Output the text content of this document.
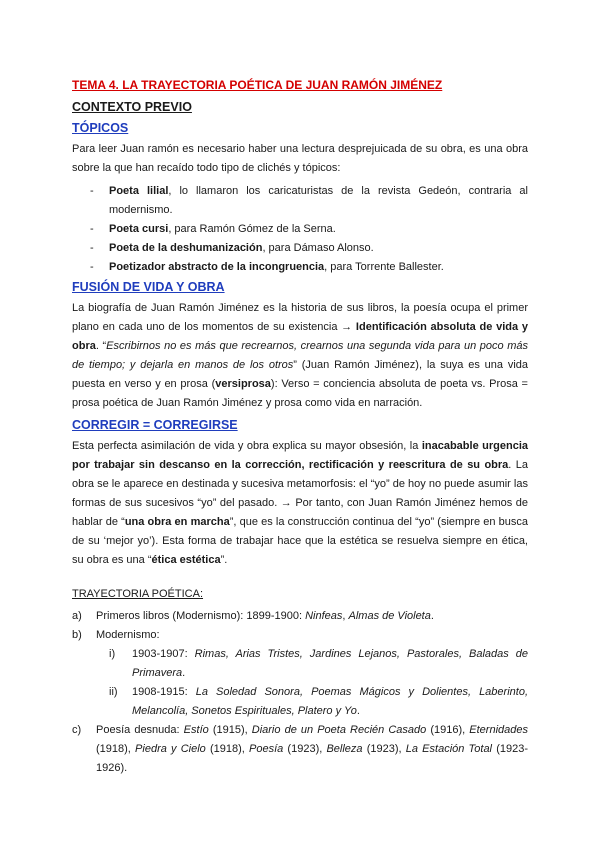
TEMA 4. LA TRAYECTORIA POÉTICA DE JUAN RAMÓN JIMÉNEZ
CONTEXTO PREVIO
TÓPICOS

Para leer Juan ramón es necesario haber una lectura desprejuicada de su obra, es una obra sobre la que han recaído todo tipo de clichés y tópicos:

- Poeta lilial, lo llamaron los caricaturistas de la revista Gedeón, contraria al modernismo.
- Poeta cursi, para Ramón Gómez de la Serna.
- Poeta de la deshumanización, para Dámaso Alonso.
- Poetizador abstracto de la incongruencia, para Torrente Ballester.
FUSIÓN DE VIDA Y OBRA

La biografía de Juan Ramón Jiménez es la historia de sus libros, la poesía ocupa el primer plano en cada uno de los momentos de su existencia → Identificación absoluta de vida y obra. “Escribirnos no es más que recrearnos, crearnos una segunda vida para un poco más de tiempo; y dejarla en manos de los otros” (Juan Ramón Jiménez), la suya es una vida puesta en verso y en prosa (versiprosa): Verso = conciencia absoluta de poeta vs. Prosa = prosa poética de Juan Ramón Jiménez y prosa como vida en narración.

CORREGIR = CORREGIRSE

Esta perfecta asimilación de vida y obra explica su mayor obsesión, la inacabable urgencia por trabajar sin descanso en la corrección, rectificación y reescritura de su obra. La obra se le aparece en destinada y sucesiva metamorfosis: el “yo” de hoy no puede asumir las formas de sus sucesivos “yo” del pasado. → Por tanto, con Juan Ramón Jiménez hemos de hablar de “una obra en marcha”, que es la construcción continua del “yo” (siempre en busca de su ‘mejor yo’). Esta forma de trabajar hace que la estética se resuelva siempre en ética, su obra es una “ética estética”.

TRAYECTORIA POÉTICA:
a) Primeros libros (Modernismo): 1899-1900: Ninfeas, Almas de Violeta.
b) Modernismo:
i) 1903-1907: Rimas, Arias Tristes, Jardines Lejanos, Pastorales, Baladas de Primavera.
ii) 1908-1915: La Soledad Sonora, Poemas Mágicos y Dolientes, Laberinto, Melancolía, Sonetos Espirituales, Platero y Yo.
c) Poesía desnuda: Estío (1915), Diario de un Poeta Recién Casado (1916), Eternidades (1918), Piedra y Cielo (1918), Poesía (1923), Belleza (1923), La Estación Total (1923-1926).
